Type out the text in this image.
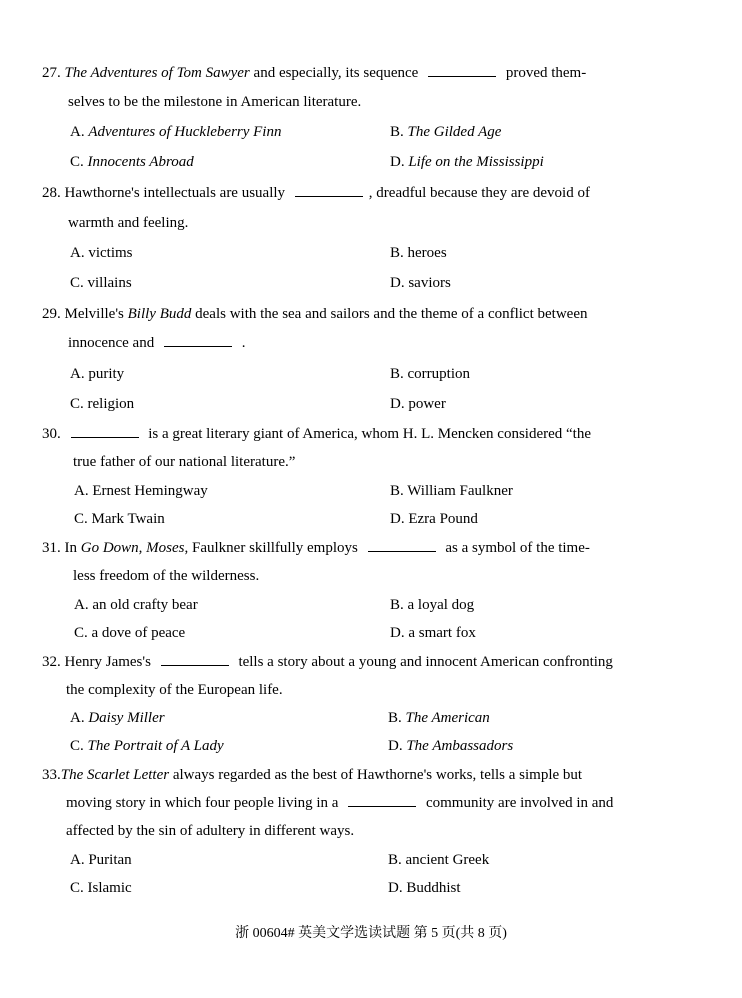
27. The Adventures of Tom Sawyer and especially, its sequence	proved them-
selves to be the milestone in American literature.
A. Adventures of Huckleberry Finn	B. The Gilded Age
C. Innocents Abroad	D. Life on the Mississippi
28. Hawthorne's intellectuals are usually	, dreadful because they are devoid of
warmth and feeling.
A. victims	B. heroes
C. villains	D. saviors
29. Melville's Billy Budd deals with the sea and sailors and the theme of a conflict between
innocence and	.
A. purity	B. corruption
C. religion	D. power
30.	is a great literary giant of America, whom H. L. Mencken considered “the
true father of our national literature.”
A. Ernest Hemingway	B. William Faulkner
C. Mark Twain	D. Ezra Pound
31. In Go Down, Moses, Faulkner skillfully employs	as a symbol of the time-
less freedom of the wilderness.
A. an old crafty bear	B. a loyal dog
C. a dove of peace	D. a smart fox
32. Henry James's	tells a story about a young and innocent American confronting
the complexity of the European life.
A. Daisy Miller	B. The American
C. The Portrait of A Lady	D. The Ambassadors
33.The Scarlet Letter always regarded as the best of Hawthorne's works, tells a simple but
moving story in which four people living in a	community are involved in and
affected by the sin of adultery in different ways.
A. Puritan	B. ancient Greek
C. Islamic	D. Buddhist
浙 00604# 英美文学选读试题 第 5 页(共 8 页)
